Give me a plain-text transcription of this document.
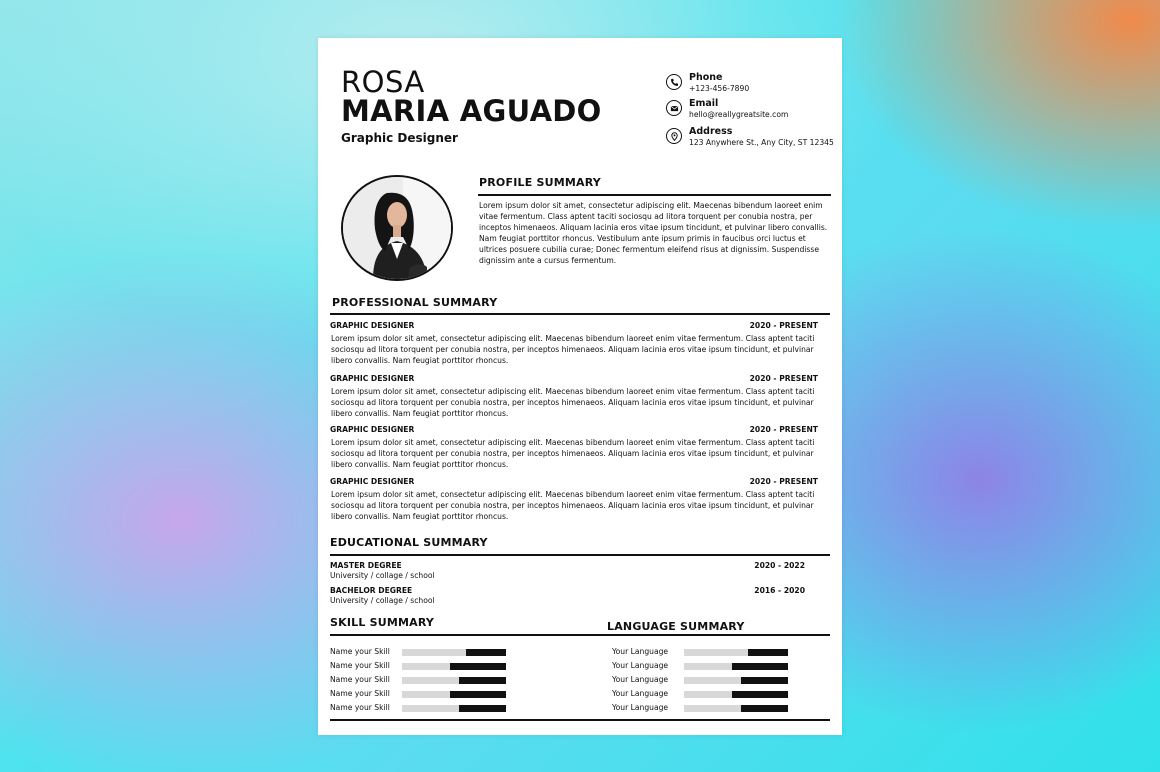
ROSA
MARIA AGUADO
Graphic Designer
Phone
+123-456-7890
Email
hello@reallygreatsite.com
Address
123 Anywhere St., Any City, ST 12345
PROFILE SUMMARY
Lorem ipsum dolor sit amet, consectetur adipiscing elit. Maecenas bibendum laoreet enim vitae fermentum. Class aptent taciti sociosqu ad litora torquent per conubia nostra, per inceptos himenaeos. Aliquam lacinia eros vitae ipsum tincidunt, et pulvinar libero convallis. Nam feugiat porttitor rhoncus. Vestibulum ante ipsum primis in faucibus orci luctus et ultrices posuere cubilia curae; Donec fermentum eleifend risus at dignissim. Suspendisse dignissim ante a cursus fermentum.
PROFESSIONAL SUMMARY
GRAPHIC DESIGNER	2020 - PRESENT
Lorem ipsum dolor sit amet, consectetur adipiscing elit. Maecenas bibendum laoreet enim vitae fermentum. Class aptent taciti sociosqu ad litora torquent per conubia nostra, per inceptos himenaeos. Aliquam lacinia eros vitae ipsum tincidunt, et pulvinar libero convallis. Nam feugiat porttitor rhoncus.
GRAPHIC DESIGNER	2020 - PRESENT
Lorem ipsum dolor sit amet, consectetur adipiscing elit. Maecenas bibendum laoreet enim vitae fermentum. Class aptent taciti sociosqu ad litora torquent per conubia nostra, per inceptos himenaeos. Aliquam lacinia eros vitae ipsum tincidunt, et pulvinar libero convallis. Nam feugiat porttitor rhoncus.
GRAPHIC DESIGNER	2020 - PRESENT
Lorem ipsum dolor sit amet, consectetur adipiscing elit. Maecenas bibendum laoreet enim vitae fermentum. Class aptent taciti sociosqu ad litora torquent per conubia nostra, per inceptos himenaeos. Aliquam lacinia eros vitae ipsum tincidunt, et pulvinar libero convallis. Nam feugiat porttitor rhoncus.
GRAPHIC DESIGNER	2020 - PRESENT
Lorem ipsum dolor sit amet, consectetur adipiscing elit. Maecenas bibendum laoreet enim vitae fermentum. Class aptent taciti sociosqu ad litora torquent per conubia nostra, per inceptos himenaeos. Aliquam lacinia eros vitae ipsum tincidunt, et pulvinar libero convallis. Nam feugiat porttitor rhoncus.
EDUCATIONAL SUMMARY
MASTER DEGREE
University / collage / school
2020 - 2022
BACHELOR DEGREE
University / collage / school
2016 - 2020
SKILL SUMMARY	LANGUAGE SUMMARY
Name your Skill
Name your Skill
Name your Skill
Name your Skill
Name your Skill
Your Language
Your Language
Your Language
Your Language
Your Language
